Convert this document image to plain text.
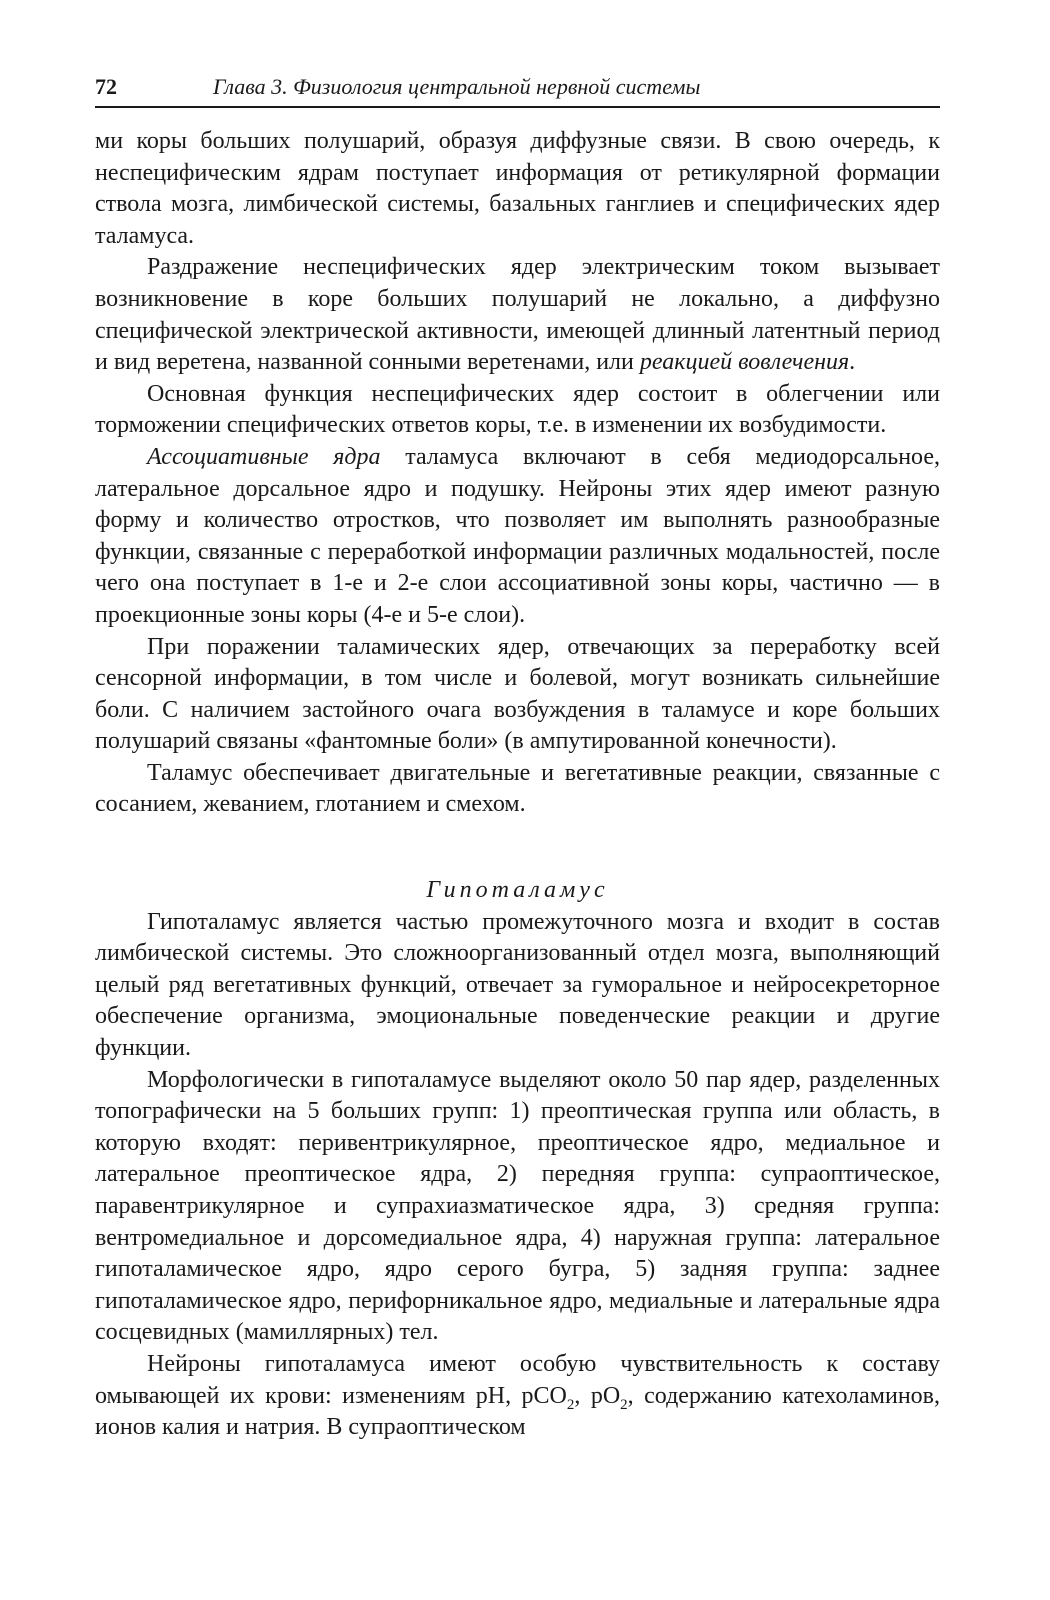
72	Глава 3. Физиология центральной нервной системы

ми коры больших полушарий, образуя диффузные связи. В свою очередь, к неспецифическим ядрам поступает информация от ретикулярной формации ствола мозга, лимбической системы, базальных ганглиев и специфических ядер таламуса.

Раздражение неспецифических ядер электрическим током вызывает возникновение в коре больших полушарий не локально, а диффузно специфической электрической активности, имеющей длинный латентный период и вид веретена, названной сонными веретенами, или реакцией вовлечения.

Основная функция неспецифических ядер состоит в облегчении или торможении специфических ответов коры, т.е. в изменении их возбудимости.

Ассоциативные ядра таламуса включают в себя медиодорсальное, латеральное дорсальное ядро и подушку. Нейроны этих ядер имеют разную форму и количество отростков, что позволяет им выполнять разнообразные функции, связанные с переработкой информации различных модальностей, после чего она поступает в 1-е и 2-е слои ассоциативной зоны коры, частично — в проекционные зоны коры (4-е и 5-е слои).

При поражении таламических ядер, отвечающих за переработку всей сенсорной информации, в том числе и болевой, могут возникать сильнейшие боли. С наличием застойного очага возбуждения в таламусе и коре больших полушарий связаны «фантомные боли» (в ампутированной конечности).

Таламус обеспечивает двигательные и вегетативные реакции, связанные с сосанием, жеванием, глотанием и смехом.

Гипоталамус

Гипоталамус является частью промежуточного мозга и входит в состав лимбической системы. Это сложноорганизованный отдел мозга, выполняющий целый ряд вегетативных функций, отвечает за гуморальное и нейросекреторное обеспечение организма, эмоциональные поведенческие реакции и другие функции.

Морфологически в гипоталамусе выделяют около 50 пар ядер, разделенных топографически на 5 больших групп: 1) преоптическая группа или область, в которую входят: перивентрикулярное, преоптическое ядро, медиальное и латеральное преоптическое ядра, 2) передняя группа: супраоптическое, паравентрикулярное и супрахиазматическое ядра, 3) средняя группа: вентромедиальное и дорсомедиальное ядра, 4) наружная группа: латеральное гипоталамическое ядро, ядро серого бугра, 5) задняя группа: заднее гипоталамическое ядро, перифорникальное ядро, медиальные и латеральные ядра сосцевидных (мамиллярных) тел.

Нейроны гипоталамуса имеют особую чувствительность к составу омывающей их крови: изменениям pH, pCO$_2$, $pO_2$, содержанию катехоламинов, ионов калия и натрия. В супраоптическом
